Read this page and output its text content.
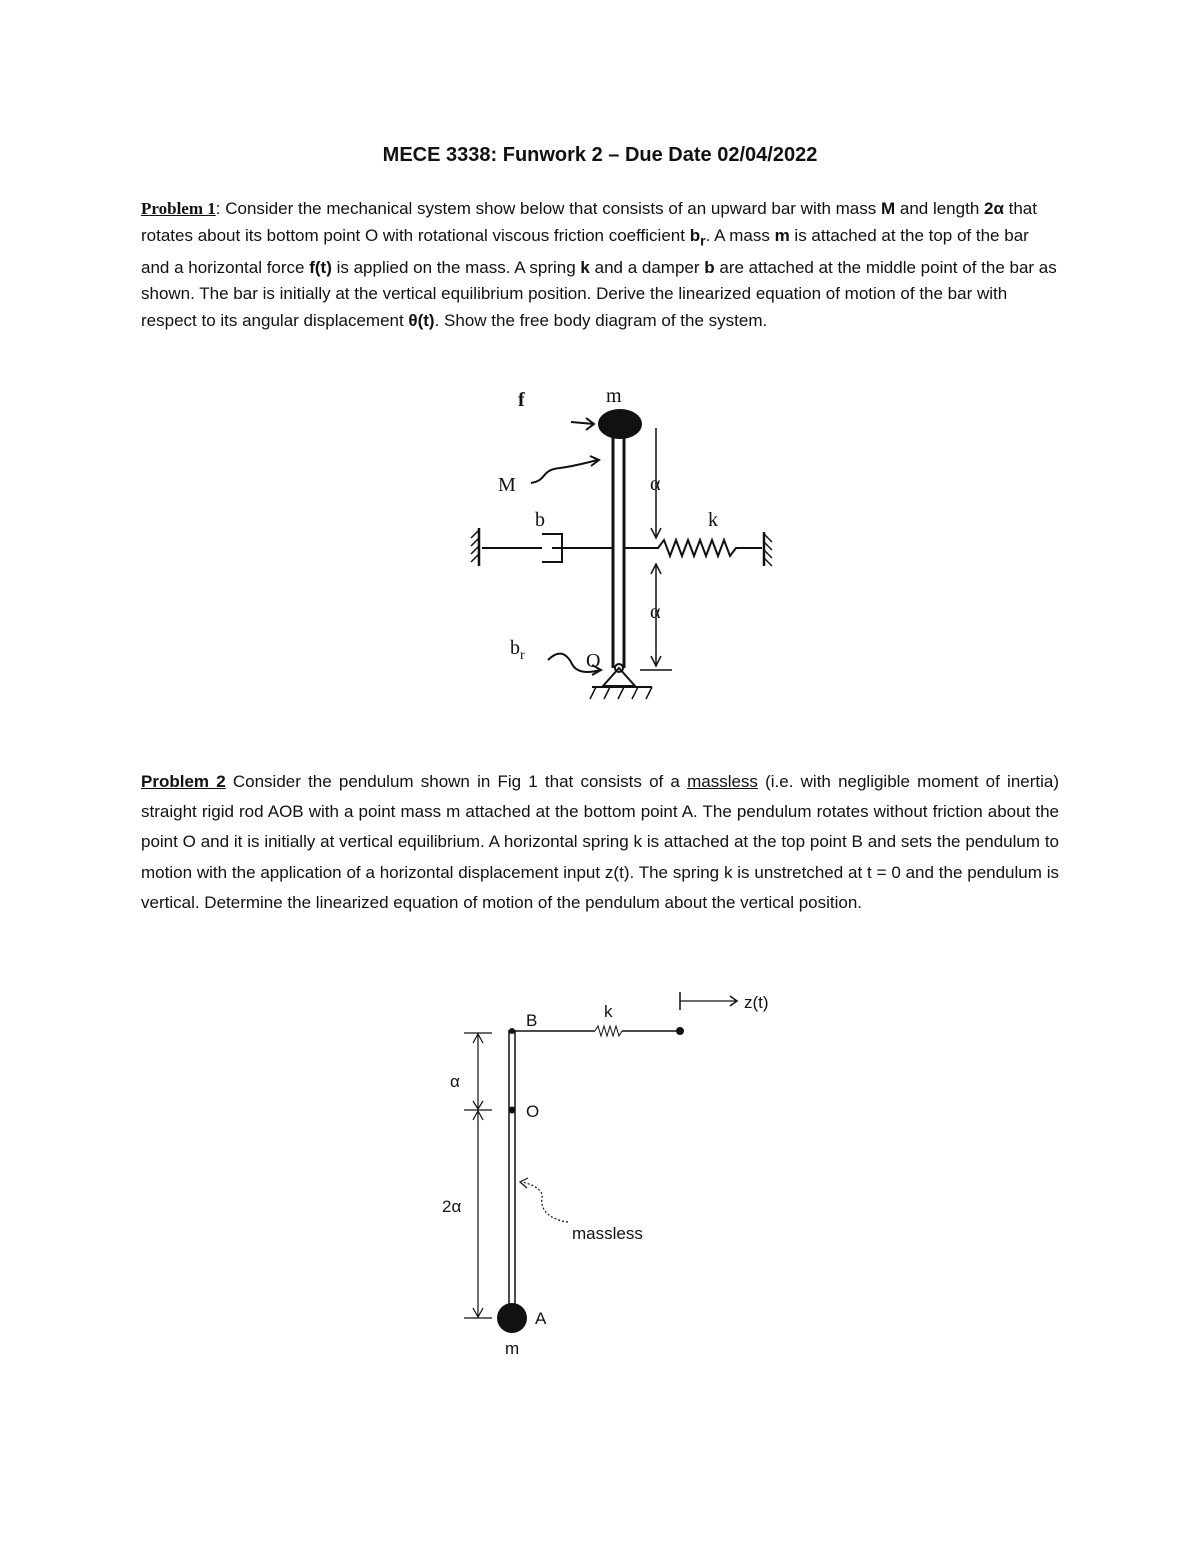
MECE 3338: Funwork 2 – Due Date 02/04/2022
Problem 1: Consider the mechanical system show below that consists of an upward bar with mass M and length 2α that rotates about its bottom point O with rotational viscous friction coefficient $b_r$. A mass m is attached at the top of the bar and a horizontal force f(t) is applied on the mass. A spring k and a damper b are attached at the middle point of the bar as shown. The bar is initially at the vertical equilibrium position. Derive the linearized equation of motion of the bar with respect to its angular displacement θ(t). Show the free body diagram of the system.
f	m
M
b	k
α
α
$b_r$	O
Problem 2 Consider the pendulum shown in Fig 1 that consists of a massless (i.e. with negligible moment of inertia) straight rigid rod AOB with a point mass m attached at the bottom point A. The pendulum rotates without friction about the point O and it is initially at vertical equilibrium. A horizontal spring k is attached at the top point B and sets the pendulum to motion with the application of a horizontal displacement input z(t). The spring k is unstretched at t = 0 and the pendulum is vertical. Determine the linearized equation of motion of the pendulum about the vertical position.
B	k	z(t)
α
O
2α
massless
A
m
